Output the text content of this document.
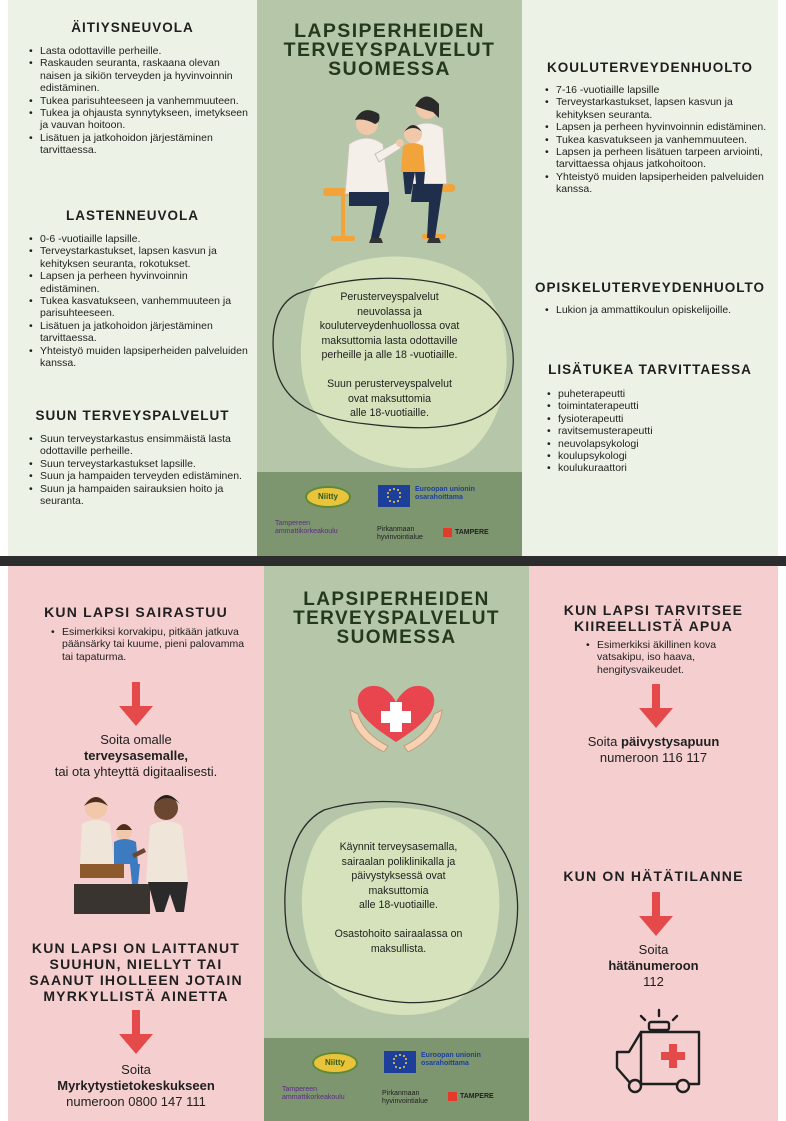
ÄITIYSNEUVOLA
• Lasta odottaville perheille.
• Raskauden seuranta, raskaana olevan naisen ja sikiön terveyden ja hyvinvoinnin edistäminen.
• Tukea parisuhteeseen ja vanhemmuuteen.
• Tukea ja ohjausta synnytykseen, imetykseen ja vauvan hoitoon.
• Lisätuen ja jatkohoidon järjestäminen tarvittaessa.
LASTENNEUVOLA
• 0-6 -vuotiaille lapsille.
• Terveystarkastukset, lapsen kasvun ja kehityksen seuranta, rokotukset.
• Lapsen ja perheen hyvinvoinnin edistäminen.
• Tukea kasvatukseen, vanhemmuuteen ja parisuhteeseen.
• Lisätuen ja jatkohoidon järjestäminen tarvittaessa.
• Yhteistyö muiden lapsiperheiden palveluiden kanssa.
SUUN TERVEYSPALVELUT
• Suun terveystarkastus ensimmäistä lasta odottaville perheille.
• Suun terveystarkastukset lapsille.
• Suun ja hampaiden terveyden edistäminen.
• Suun ja hampaiden sairauksien hoito ja seuranta.
LAPSIPERHEIDEN
TERVEYSPALVELUT
SUOMESSA
Perusterveyspalvelut
neuvolassa ja
kouluterveydenhuollossa ovat
maksuttomia lasta odottaville
perheille ja alle 18 -vuotiaille.
Suun perusterveyspalvelut
ovat maksuttomia
alle 18-vuotiaille.
Niitty
Euroopan unionin
osarahoittama
Tampereen
ammattikorkeakoulu	Pirkanmaan
hyvinvointialue
TAMPERE
KOULUTERVEYDENHUOLTO
• 7-16 -vuotiaille lapsille
• Terveystarkastukset, lapsen kasvun ja kehityksen seuranta.
• Lapsen ja perheen hyvinvoinnin edistäminen.
• Tukea kasvatukseen ja vanhemmuuteen.
• Lapsen ja perheen lisätuen tarpeen arviointi, tarvittaessa ohjaus jatkohoitoon.
• Yhteistyö muiden lapsiperheiden palveluiden kanssa.
OPISKELUTERVEYDENHUOLTO
• Lukion ja ammattikoulun opiskelijoille.
LISÄTUKEA TARVITTAESSA
• puheterapeutti
• toimintaterapeutti
• fysioterapeutti
• ravitsemusterapeutti
• neuvolapsykologi
• koulupsykologi
• koulukuraattori
KUN LAPSI SAIRASTUU
• Esimerkiksi korvakipu, pitkään jatkuva päänsärky tai kuume, pieni palovamma tai tapaturma.
Soita omalle
terveysasemalle,
tai ota yhteyttä digitaalisesti.
KUN LAPSI ON LAITTANUT
SUUHUN, NIELLYT TAI
SAANUT IHOLLEEN JOTAIN
MYRKYLLISTÄ AINETTA
Soita
Myrkytystietokeskukseen
numeroon 0800 147 111
LAPSIPERHEIDEN
TERVEYSPALVELUT
SUOMESSA
Käynnit terveysasemalla,
sairaalan poliklinikalla ja
päivystyksessä ovat
maksuttomia
alle 18-vuotiaille.
Osastohoito sairaalassa on
maksullista.
Niitty
Euroopan unionin
osarahoittama
Tampereen
ammattikorkeakoulu
Pirkanmaan
hyvinvointialue
TAMPERE
KUN LAPSI TARVITSEE
KIIREELLISTÄ APUA
• Esimerkiksi äkillinen kova vatsakipu, iso haava, hengitysvaikeudet.
Soita päivystysapuun
numeroon 116 117
KUN ON HÄTÄTILANNE
Soita
hätänumeroon
112
